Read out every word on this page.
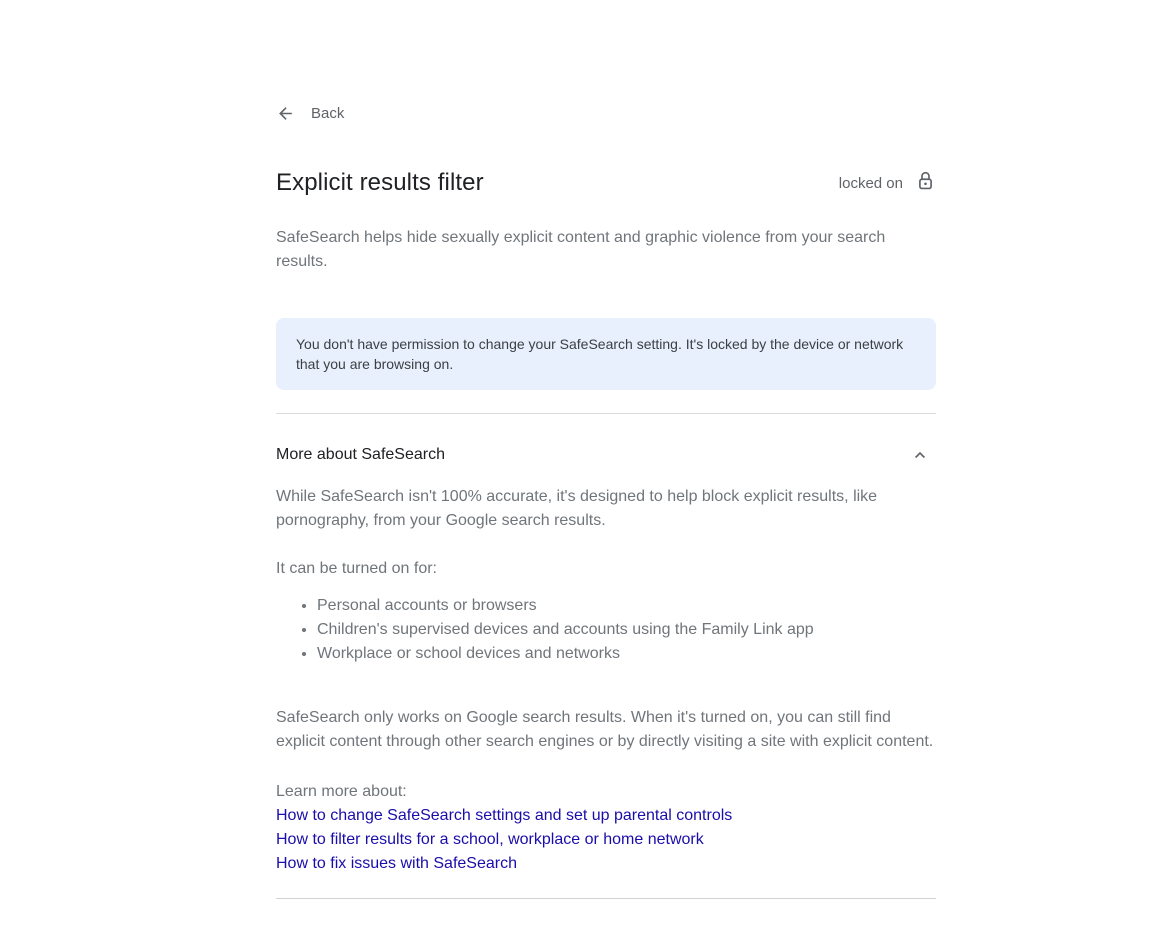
Back
Explicit results filter	locked on

SafeSearch helps hide sexually explicit content and graphic violence from your search results.

You don't have permission to change your SafeSearch setting. It's locked by the device or network that you are browsing on.
More about SafeSearch

While SafeSearch isn't 100% accurate, it's designed to help block explicit results, like pornography, from your Google search results.

It can be turned on for:

• Personal accounts or browsers
• Children's supervised devices and accounts using the Family Link app
• Workplace or school devices and networks

SafeSearch only works on Google search results. When it's turned on, you can still find explicit content through other search engines or by directly visiting a site with explicit content.

Learn more about:

How to change SafeSearch settings and set up parental controls
How to filter results for a school, workplace or home network
How to fix issues with SafeSearch
